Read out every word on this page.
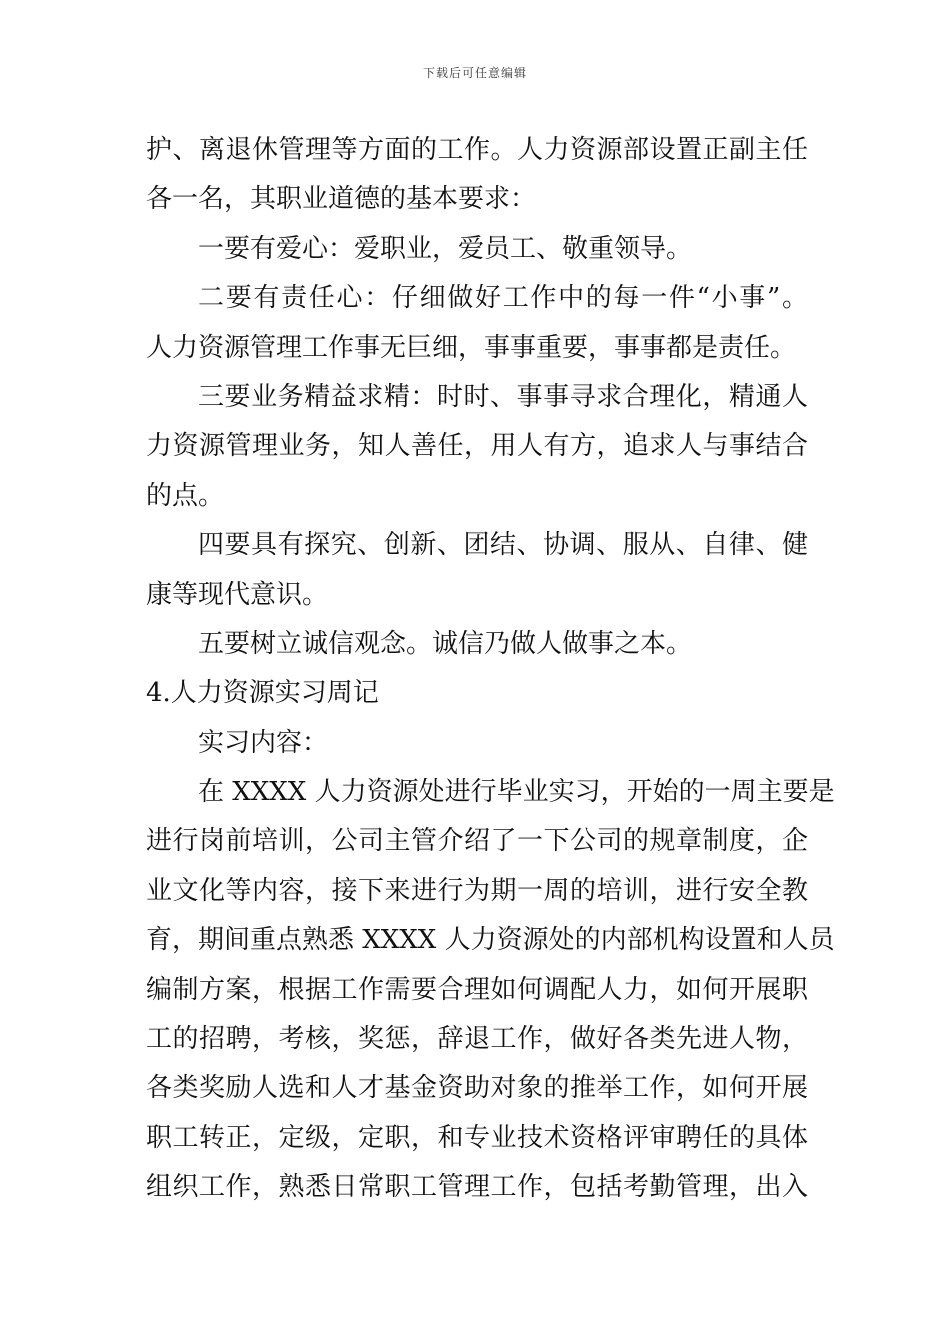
下载后可任意编辑
护、离退休管理等方面的工作。人力资源部设置正副主任
各一名，其职业道德的基本要求：
一要有爱心：爱职业，爱员工、敬重领导。
二要有责任心：仔细做好工作中的每一件“小事”。
人力资源管理工作事无巨细，事事重要，事事都是责任。
三要业务精益求精：时时、事事寻求合理化，精通人
力资源管理业务，知人善任，用人有方，追求人与事结合
的点。
四要具有探究、创新、团结、协调、服从、自律、健
康等现代意识。
五要树立诚信观念。诚信乃做人做事之本。
4.人力资源实习周记
实习内容：
在 XXXX 人力资源处进行毕业实习，开始的一周主要是
进行岗前培训，公司主管介绍了一下公司的规章制度，企
业文化等内容，接下来进行为期一周的培训，进行安全教
育，期间重点熟悉 XXXX 人力资源处的内部机构设置和人员
编制方案，根据工作需要合理如何调配人力，如何开展职
工的招聘，考核，奖惩，辞退工作，做好各类先进人物，
各类奖励人选和人才基金资助对象的推举工作，如何开展
职工转正，定级，定职，和专业技术资格评审聘任的具体
组织工作，熟悉日常职工管理工作，包括考勤管理，出入
